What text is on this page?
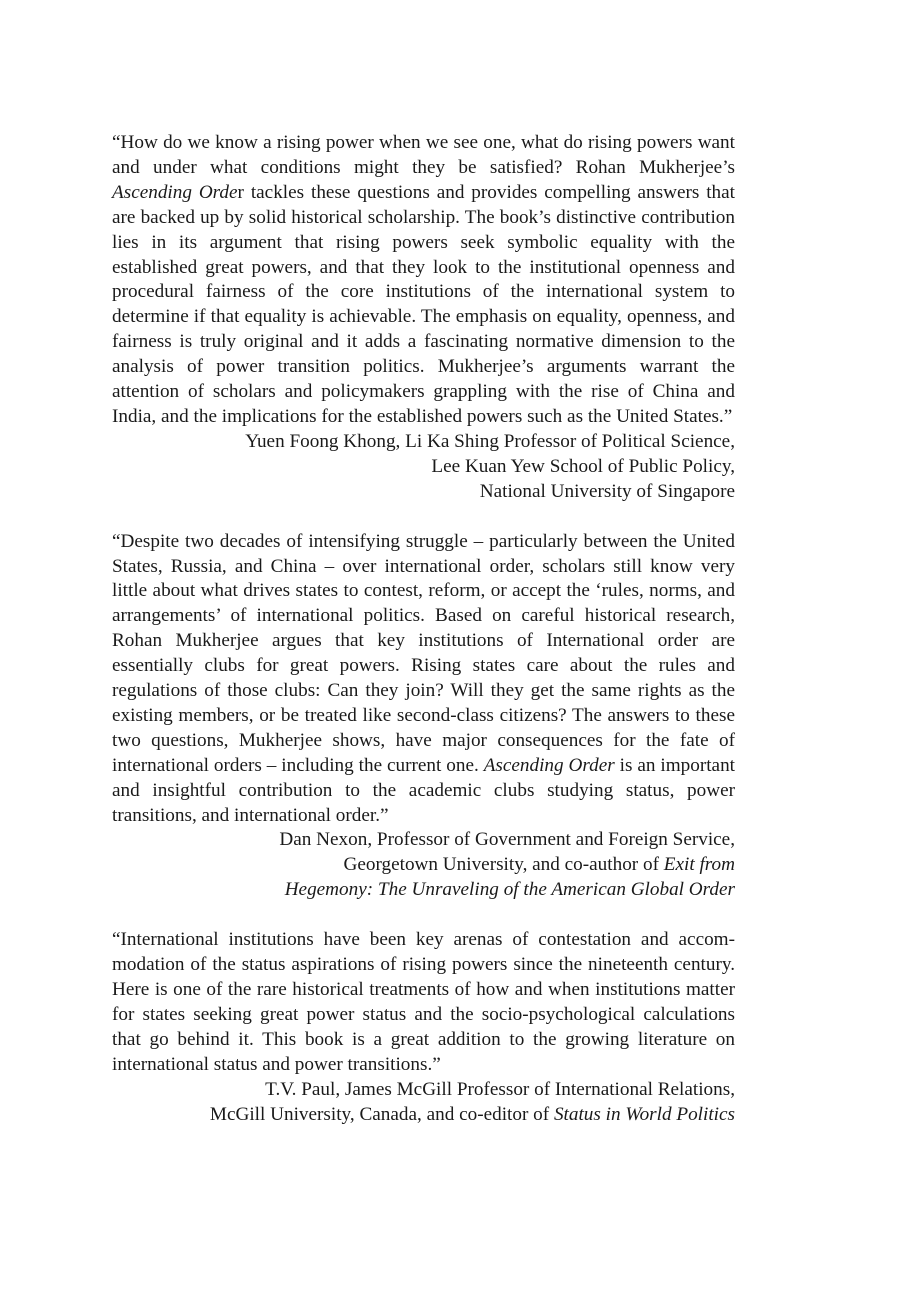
“How do we know a rising power when we see one, what do rising powers want and under what conditions might they be satisfied? Rohan Mukherjee’s Ascending Order tackles these questions and provides compelling answers that are backed up by solid historical scholarship. The book’s distinctive contribution lies in its argument that rising powers seek symbolic equality with the established great powers, and that they look to the institutional openness and procedural fairness of the core institutions of the international system to determine if that equality is achievable. The emphasis on equality, openness, and fairness is truly original and it adds a fascinating normative dimension to the analysis of power transition politics. Mukherjee’s arguments warrant the attention of scholars and policymakers grappling with the rise of China and India, and the implications for the established powers such as the United States.”

Yuen Foong Khong, Li Ka Shing Professor of Political Science,
Lee Kuan Yew School of Public Policy,
National University of Singapore

“Despite two decades of intensifying struggle – particularly between the United States, Russia, and China – over international order, scholars still know very little about what drives states to contest, reform, or accept the ‘rules, norms, and arrangements’ of international politics. Based on careful historical research, Rohan Mukherjee argues that key institutions of International order are essentially clubs for great powers. Rising states care about the rules and regulations of those clubs: Can they join? Will they get the same rights as the existing members, or be treated like second-class citizens? The answers to these two questions, Mukherjee shows, have major consequences for the fate of international orders – including the current one. Ascending Order is an important and insightful contribution to the academic clubs studying status, power transitions, and international order.”

Dan Nexon, Professor of Government and Foreign Service,
Georgetown University, and co-author of Exit from
Hegemony: The Unraveling of the American Global Order

“International institutions have been key arenas of contestation and accommodation of the status aspirations of rising powers since the nineteenth century. Here is one of the rare historical treatments of how and when institutions matter for states seeking great power status and the socio-psychological calculations that go behind it. This book is a great addition to the growing literature on international status and power transitions.”

T.V. Paul, James McGill Professor of International Relations,
McGill University, Canada, and co-editor of Status in World Politics
